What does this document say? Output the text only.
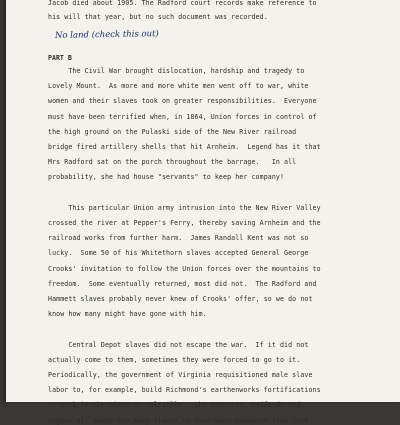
Jacob died about 1905. The Radford court records make reference to
his will that year, but no such document was recorded.
No land (check this out)
PART B
The Civil War brought dislocation, hardship and tragedy to
Lovely Mount.  As more and more white men went off to war, white
women and their slaves took on greater responsibilities.  Everyone
must have been terrified when, in 1864, Union forces in control of
the high ground on the Pulaski side of the New River railroad
bridge fired artillery shells that hit Arnheim.  Legend has it that
Mrs Radford sat on the porch throughout the barrage.   In all
probability, she had house "servants" to keep her company!
This particular Union army intrusion into the New River Valley
crossed the river at Pepper's Ferry, thereby saving Arnheim and the
railroad works from further harm.  James Randall Kent was not so
lucky.  Some 50 of his Whitethorn slaves accepted General George
Crooks' invitation to follow the Union forces over the mountains to
freedom.  Some eventually returned, most did not.  The Radford and
Hammett slaves probably never knew of Crooks' offer, so we do not
know how many might have gone with him.
Central Depot slaves did not escape the war.  If it did not
actually come to them, sometimes they were forced to go to it.
Periodically, the government of Virginia requisitioned male slave
labor to, for example, build Richmond's earthenworks fortifications
or work in the mines at Saltville.  The Hammetts, Radfords and
Ingles all owned too many slaves to have been exempted from such
